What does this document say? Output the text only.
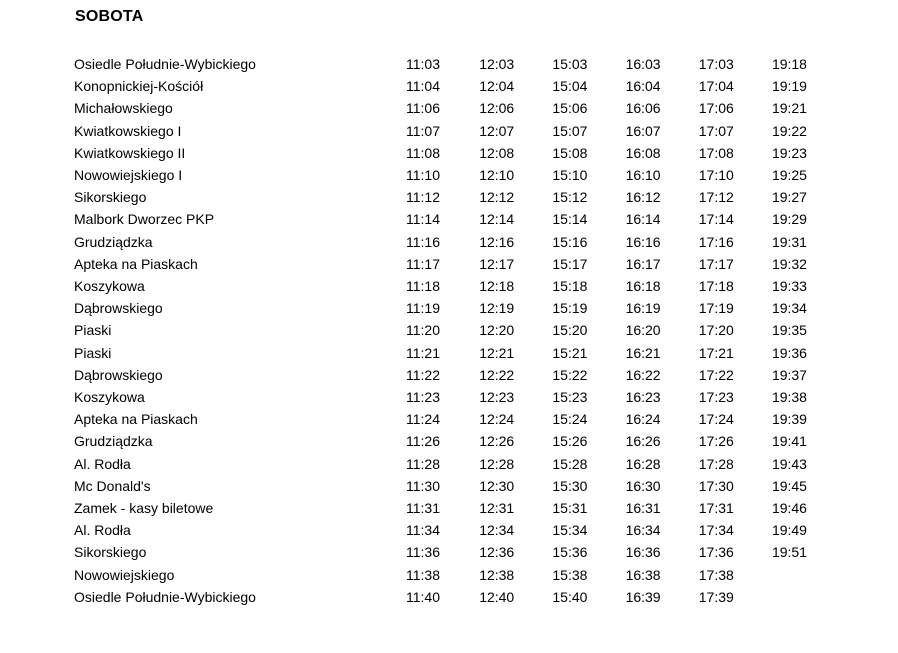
SOBOTA
Osiedle Południe-Wybickiego	11:03	12:03	15:03	16:03	17:03	19:18
Konopnickiej-Kościół	11:04	12:04	15:04	16:04	17:04	19:19
Michałowskiego	11:06	12:06	15:06	16:06	17:06	19:21
Kwiatkowskiego I	11:07	12:07	15:07	16:07	17:07	19:22
Kwiatkowskiego II	11:08	12:08	15:08	16:08	17:08	19:23
Nowowiejskiego I	11:10	12:10	15:10	16:10	17:10	19:25
Sikorskiego	11:12	12:12	15:12	16:12	17:12	19:27
Malbork Dworzec PKP	11:14	12:14	15:14	16:14	17:14	19:29
Grudziądzka	11:16	12:16	15:16	16:16	17:16	19:31
Apteka na Piaskach	11:17	12:17	15:17	16:17	17:17	19:32
Koszykowa	11:18	12:18	15:18	16:18	17:18	19:33
Dąbrowskiego	11:19	12:19	15:19	16:19	17:19	19:34
Piaski	11:20	12:20	15:20	16:20	17:20	19:35
Piaski	11:21	12:21	15:21	16:21	17:21	19:36
Dąbrowskiego	11:22	12:22	15:22	16:22	17:22	19:37
Koszykowa	11:23	12:23	15:23	16:23	17:23	19:38
Apteka na Piaskach	11:24	12:24	15:24	16:24	17:24	19:39
Grudziądzka	11:26	12:26	15:26	16:26	17:26	19:41
Al. Rodła	11:28	12:28	15:28	16:28	17:28	19:43
Mc Donald's	11:30	12:30	15:30	16:30	17:30	19:45
Zamek - kasy biletowe	11:31	12:31	15:31	16:31	17:31	19:46
Al. Rodła	11:34	12:34	15:34	16:34	17:34	19:49
Sikorskiego	11:36	12:36	15:36	16:36	17:36	19:51
Nowowiejskiego	11:38	12:38	15:38	16:38	17:38	
Osiedle Południe-Wybickiego	11:40	12:40	15:40	16:39	17:39	
